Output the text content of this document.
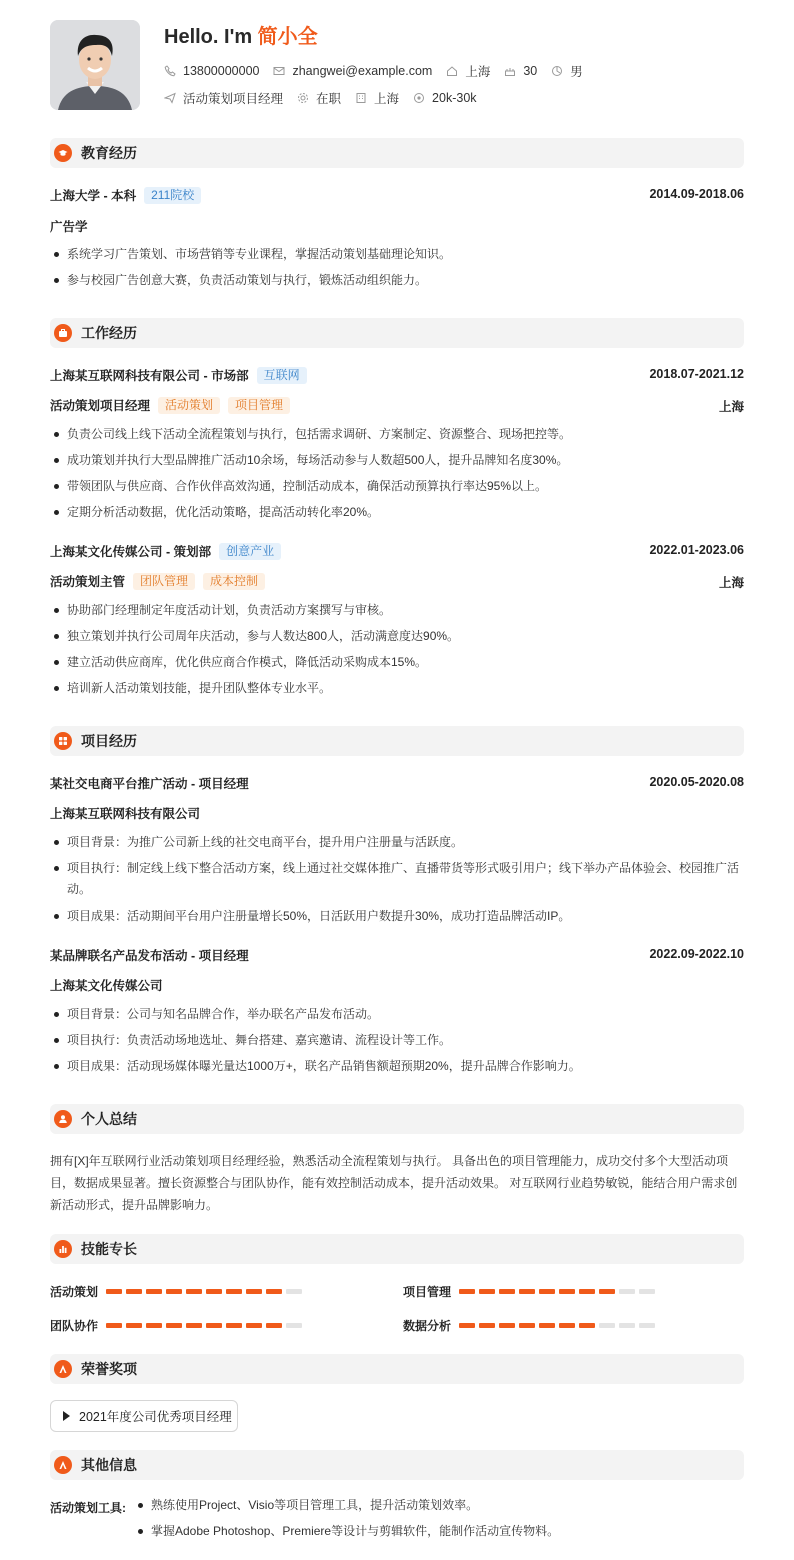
Hello. I'm 简小全
13800000000	zhangwei@example.com	上海	30	男
活动策划项目经理	在职	上海	20k-30k
教育经历
上海大学 - 本科	211院校	2014.09-2018.06
广告学
系统学习广告策划、市场营销等专业课程，掌握活动策划基础理论知识。
参与校园广告创意大赛，负责活动策划与执行，锻炼活动组织能力。
工作经历
上海某互联网科技有限公司 - 市场部	互联网	2018.07-2021.12
活动策划项目经理	活动策划	项目管理	上海
负责公司线上线下活动全流程策划与执行，包括需求调研、方案制定、资源整合、现场把控等。
成功策划并执行大型品牌推广活动10余场，每场活动参与人数超500人，提升品牌知名度30%。
带领团队与供应商、合作伙伴高效沟通，控制活动成本，确保活动预算执行率达95%以上。
定期分析活动数据，优化活动策略，提高活动转化率20%。
上海某文化传媒公司 - 策划部	创意产业	2022.01-2023.06
活动策划主管	团队管理	成本控制	上海
协助部门经理制定年度活动计划，负责活动方案撰写与审核。
独立策划并执行公司周年庆活动，参与人数达800人，活动满意度达90%。
建立活动供应商库，优化供应商合作模式，降低活动采购成本15%。
培训新人活动策划技能，提升团队整体专业水平。
项目经历
某社交电商平台推广活动 - 项目经理	2020.05-2020.08
上海某互联网科技有限公司
项目背景：为推广公司新上线的社交电商平台，提升用户注册量与活跃度。
项目执行：制定线上线下整合活动方案，线上通过社交媒体推广、直播带货等形式吸引用户；线下举办产品体验会、校园推广活动。
项目成果：活动期间平台用户注册量增长50%，日活跃用户数提升30%，成功打造品牌活动IP。
某品牌联名产品发布活动 - 项目经理	2022.09-2022.10
上海某文化传媒公司
项目背景：公司与知名品牌合作，举办联名产品发布活动。
项目执行：负责活动场地选址、舞台搭建、嘉宾邀请、流程设计等工作。
项目成果：活动现场媒体曝光量达1000万+，联名产品销售额超预期20%，提升品牌合作影响力。
个人总结
拥有[X]年互联网行业活动策划项目经理经验，熟悉活动全流程策划与执行。 具备出色的项目管理能力，成功交付多个大型活动项目，数据成果显著。擅长资源整合与团队协作，能有效控制活动成本，提升活动效果。 对互联网行业趋势敏锐，能结合用户需求创新活动形式，提升品牌影响力。
技能专长
活动策划	项目管理
团队协作	数据分析
荣誉奖项
2021年度公司优秀项目经理
其他信息
活动策划工具:	熟练使用Project、Visio等项目管理工具，提升活动策划效率。
掌握Adobe Photoshop、Premiere等设计与剪辑软件，能制作活动宣传物料。
